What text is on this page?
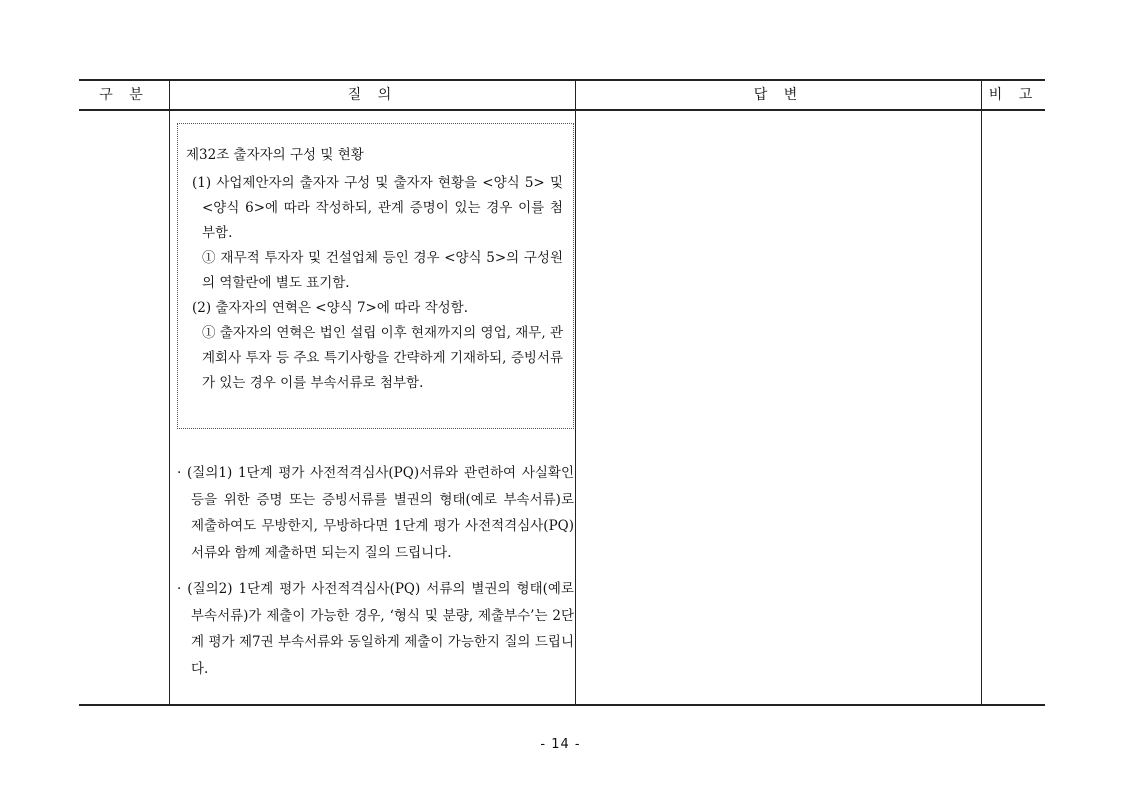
구 분	질 의	답 변	비 고
제32조 출자자의 구성 및 현황
(1) 사업제안자의 출자자 구성 및 출자자 현황을 <양식 5> 및 <양식 6>에 따라 작성하되, 관계 증명이 있는 경우 이를 첨부함.
① 재무적 투자자 및 건설업체 등인 경우 <양식 5>의 구성원의 역할란에 별도 표기함.
(2) 출자자의 연혁은 <양식 7>에 따라 작성함.
① 출자자의 연혁은 법인 설립 이후 현재까지의 영업, 재무, 관계회사 투자 등 주요 특기사항을 간략하게 기재하되, 증빙서류가 있는 경우 이를 부속서류로 첨부함.
· (질의1) 1단계 평가 사전적격심사(PQ)서류와 관련하여 사실확인 등을 위한 증명 또는 증빙서류를 별권의 형태(예로 부속서류)로 제출하여도 무방한지, 무방하다면 1단계 평가 사전적격심사(PQ) 서류와 함께 제출하면 되는지 질의 드립니다.
· (질의2) 1단계 평가 사전적격심사(PQ) 서류의 별권의 형태(예로 부속서류)가 제출이 가능한 경우, ‘형식 및 분량, 제출부수’는 2단계 평가 제7권 부속서류와 동일하게 제출이 가능한지 질의 드립니다.
- 14 -
